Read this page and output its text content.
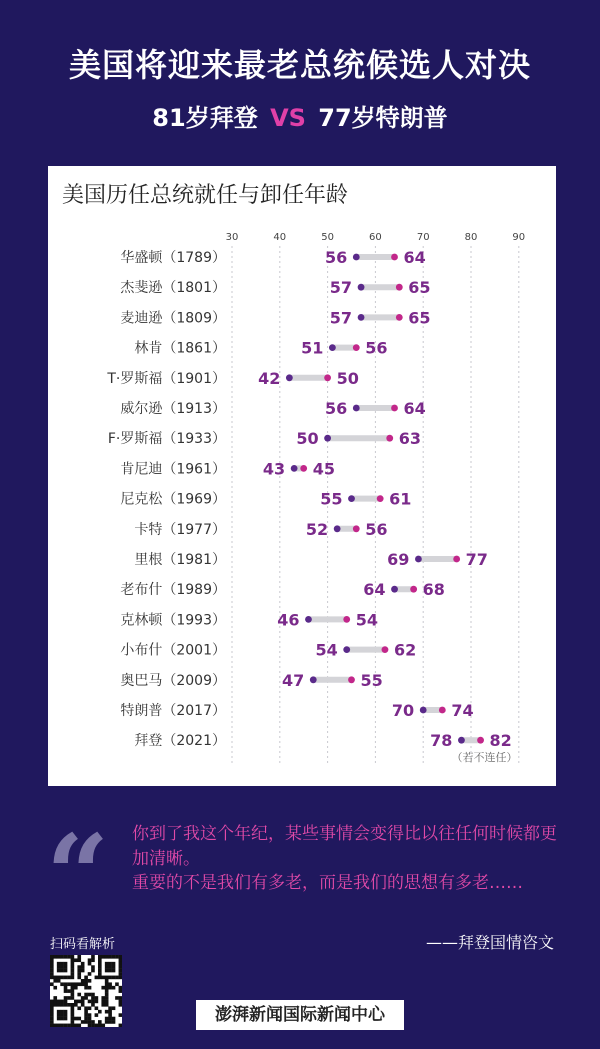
美国将迎来最老总统候选人对决
81岁拜登 VS 77岁特朗普
30	40	50	60	70	80	90
华盛顿（1789）	56	64
杰斐逊（1801）	57	65
麦迪逊（1809）	57	65
林肯（1861）	51	56
T·罗斯福（1901） 42	50
威尔逊（1913）	56	64
F·罗斯福（1933）	50	63
肯尼迪（1961） 43 45
尼克松（1969）	55	61
卡特（1977）	52 56
里根（1981）	69	77
老布什（1989）	64 68
克林顿（1993）	46	54
小布什（2001）	54	62
奥巴马（2009）	47	55
特朗普（2017）	70 74
拜登（2021）	78 82
（若不连任）
美国历任总统就任与卸任年龄
“ 你到了我这个年纪，某些事情会变得比以往任何时候都更加清晰。

重要的不是我们有多老，而是我们的思想有多老……

——拜登国情咨文
扫码看解析
澎湃新闻国际新闻中心
